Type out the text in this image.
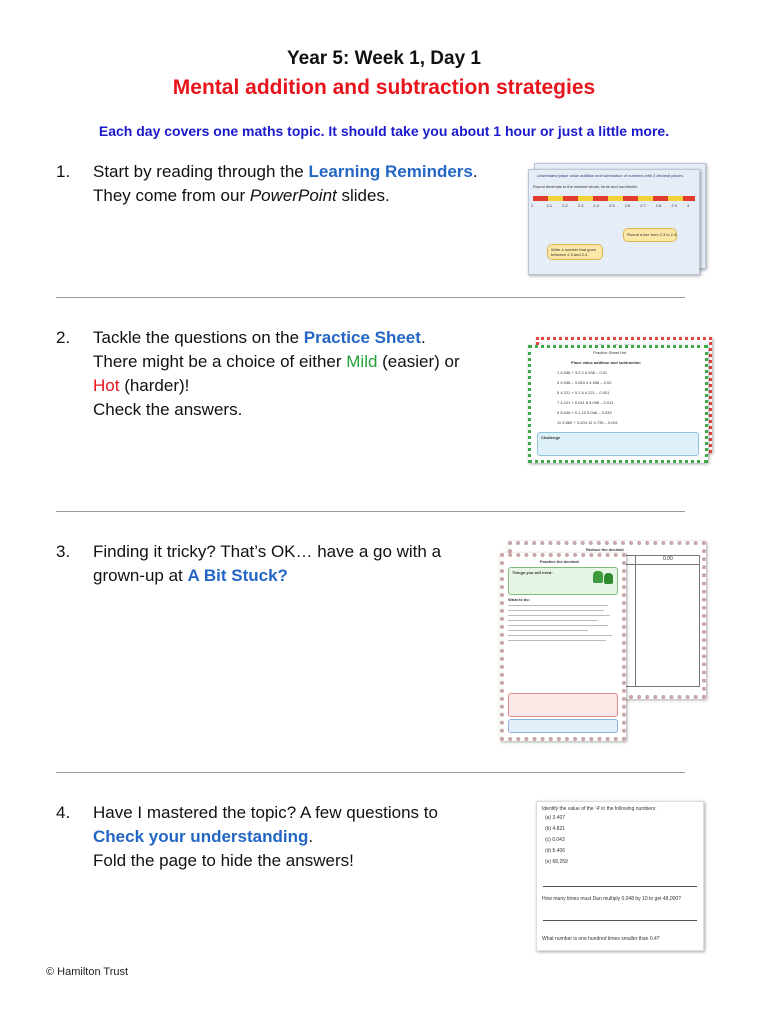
Year 5: Week 1, Day 1
Mental addition and subtraction strategies
Each day covers one maths topic. It should take you about 1 hour or just a little more.
1.	Start by reading through the Learning Reminders.
They come from our PowerPoint slides.
Understand place value addition and subtraction of numbers with 2 decimal places.
Round decimals to the nearest whole, tenth and hundredth.
2	2.1	2.2	2.3	2.4	2.5	2.6	2.7	2.8	2.9	3
Round a line from 2.3 to 2.4.
Write a number that goes between 2.3 and 2.4.
2.	Tackle the questions on the Practice Sheet.
There might be a choice of either Mild (easier) or
Hot (harder)!
Check the answers.
Practice Sheet Hot
Place value addition and subtraction
1 4.938 + 3.0 2 4.938 – 0.01
3 4.938 – 3.063 4 4.938 – 0.02
5 4.221 + 0.1 6 4.221 – 0.001
7 4.221 + 0.011 8 5.098 – 0.011
9 5.046 + 0.1 10 5.046 – 0.033
11 5.660 + 3.204 12 4.739 – 0.001
Challenge
3.	Finding it tricky? That’s OK… have a go with a
grown-up at A Bit Stuck?
Reduce the decimal
0.00
Practice the decimal
Things you will need:
What to do:
4.	Have I mastered the topic? A few questions to
Check your understanding.
Fold the page to hide the answers!
Identify the value of the ‘4’ in the following numbers:
(a) 3.407
(b) 4.821
(c) 0.043
(d) 5.406
(e) 68,259
How many times must Dan multiply 0.048 by 10 to get 48,000?
What number is one hundred times smaller than 0.4?
© Hamilton Trust
